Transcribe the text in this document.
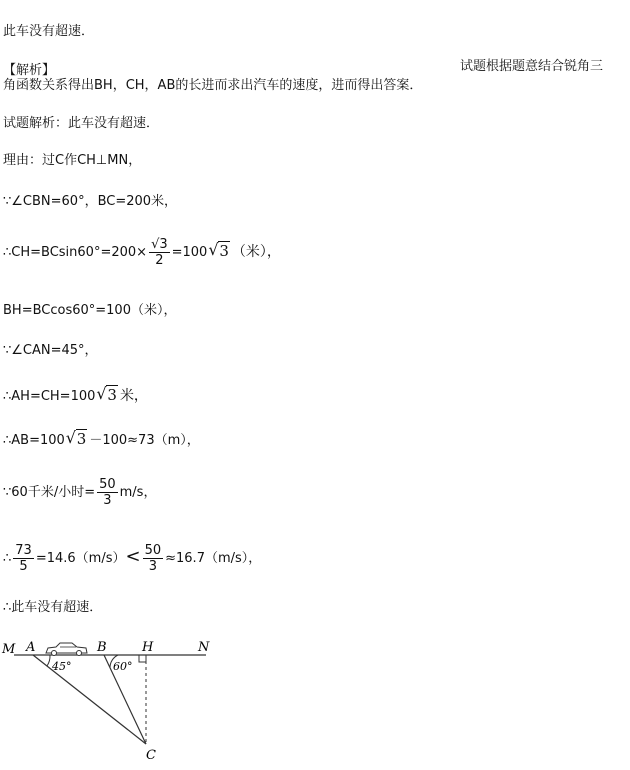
此车没有超速．
【解析】	试题根据题意结合锐角三
角函数关系得出BH，CH，AB的长进而求出汽车的速度，进而得出答案．
试题解析：此车没有超速．
理由：过C作CH⊥MN，
∵∠CBN=60°，BC=200米，
∴CH=BCsin60°=200× $\frac{√3}{2} =100√$ 3 （米），
BH=BCcos60°=100（米），
∵∠CAN=45°，
∴AH=CH=100√ 3 米，
∴AB=100√ 3 －100≈73（m），
∵60千米/小时= $\frac{50}{3} m/s$，
∴ $\frac{73}{5} =14.6(m/s)< \frac{50}{3} \approx 16.7(m/s)$，
∴此车没有超速．
M A	B	H	N
C
45°	60°
